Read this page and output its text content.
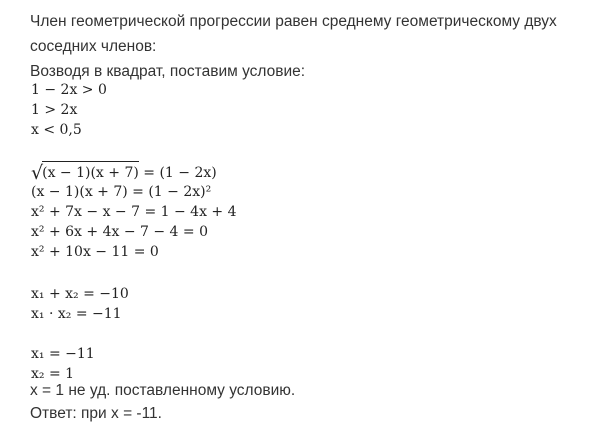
Член геометрической прогрессии равен среднему геометрическому двух
соседних членов:
Возводя в квадрат, поставим условие:
1 − 2x > 0
1 > 2x
x < 0,5
√(x − 1)(x + 7) = (1 − 2x)
(x − 1)(x + 7) = (1 − 2x)²
x² + 7x − x − 7 = 1 − 4x + 4
x² + 6x + 4x − 7 − 4 = 0
x² + 10x − 11 = 0
x₁ + x₂ = −10
x₁ · x₂ = −11
x₁ = −11
x₂ = 1
x = 1 не уд. поставленному условию.
Ответ: при x = -11.
